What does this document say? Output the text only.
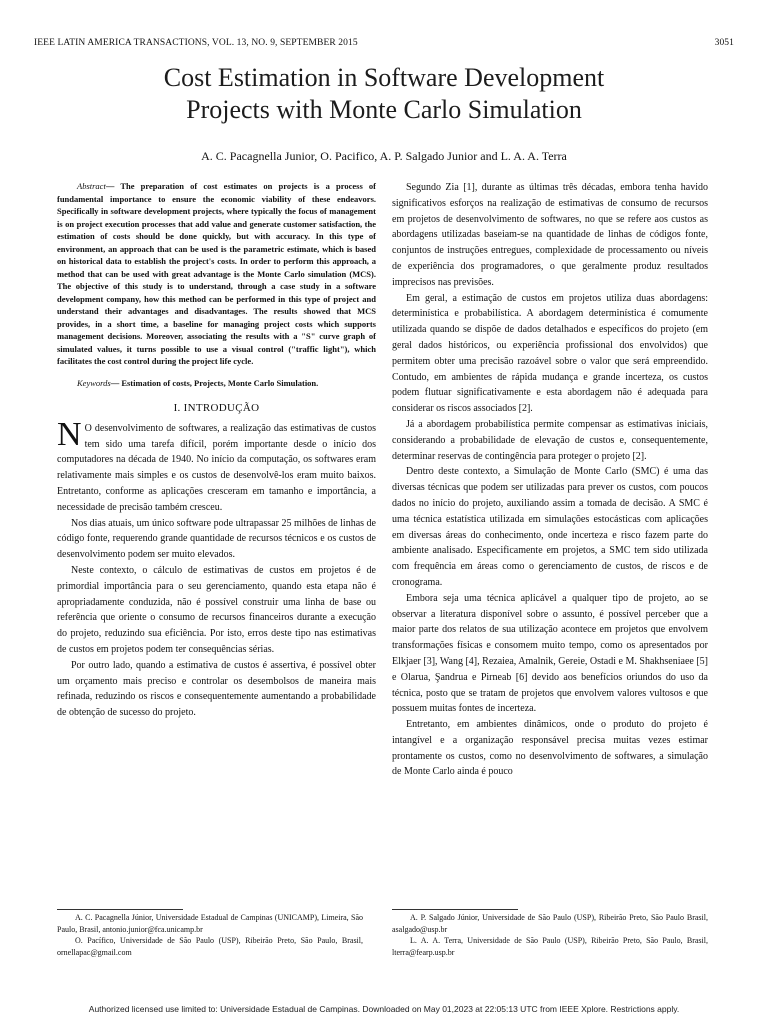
IEEE LATIN AMERICA TRANSACTIONS, VOL. 13, NO. 9, SEPTEMBER 2015	3051
Cost Estimation in Software Development
Projects with Monte Carlo Simulation
A. C. Pacagnella Junior, O. Pacifico, A. P. Salgado Junior and L. A. A. Terra

Abstract— The preparation of cost estimates on projects is a process of fundamental importance to ensure the economic viability of these endeavors. Specifically in software development projects, where typically the focus of management is on project execution processes that add value and generate customer satisfaction, the estimation of costs should be done quickly, but with accuracy. In this type of environment, an approach that can be used is the parametric estimate, which is based on historical data to establish the project's costs. In order to perform this approach, a method that can be used with great advantage is the Monte Carlo simulation (MCS). The objective of this study is to understand, through a case study in a software development company, how this method can be performed in this type of project and understand their advantages and disadvantages. The results showed that MCS provides, in a short time, a baseline for managing project costs which supports management decisions. Moreover, associating the results with a "S" curve graph of simulated values, it turns possible to use a visual control ("traffic light"), which facilitates the cost control during the project life cycle.

Keywords— Estimation of costs, Projects, Monte Carlo Simulation.

I. INTRODUÇÃO

N O desenvolvimento de softwares, a realização das estimativas de custos tem sido uma tarefa difícil, porém importante desde o início dos computadores na década de 1940. No início da computação, os softwares eram relativamente mais simples e os custos de desenvolvê-los eram muito baixos. Entretanto, conforme as aplicações cresceram em tamanho e importância, a necessidade de precisão também cresceu.

Nos dias atuais, um único software pode ultrapassar 25 milhões de linhas de código fonte, requerendo grande quantidade de recursos técnicos e os custos de desenvolvimento podem ser muito elevados.

Neste contexto, o cálculo de estimativas de custos em projetos é de primordial importância para o seu gerenciamento, quando esta etapa não é apropriadamente conduzida, não é possível construir uma linha de base ou referência que oriente o consumo de recursos financeiros durante a execução do projeto, reduzindo sua eficiência. Por isto, erros deste tipo nas estimativas de custos em projetos podem ter consequências sérias.

Por outro lado, quando a estimativa de custos é assertiva, é possível obter um orçamento mais preciso e controlar os desembolsos de maneira mais refinada, reduzindo os riscos e consequentemente aumentando a probabilidade de obtenção de sucesso do projeto.

Segundo Zia [1], durante as últimas três décadas, embora tenha havido significativos esforços na realização de estimativas de consumo de recursos em projetos de desenvolvimento de softwares, no que se refere aos custos as abordagens utilizadas baseiam-se na quantidade de linhas de códigos fonte, conjuntos de instruções entregues, complexidade de processamento ou níveis de experiência dos programadores, o que geralmente produz resultados imprecisos nas previsões.

Em geral, a estimação de custos em projetos utiliza duas abordagens: determinística e probabilística. A abordagem determinística é comumente utilizada quando se dispõe de dados detalhados e específicos do projeto (em geral dados históricos, ou experiência profissional dos envolvidos) que permitem obter uma precisão razoável sobre o valor que será empreendido. Contudo, em ambientes de rápida mudança e grande incerteza, os custos podem flutuar significativamente e esta abordagem não é adequada para considerar os riscos associados [2].

Já a abordagem probabilística permite compensar as estimativas iniciais, considerando a probabilidade de elevação de custos e, consequentemente, determinar reservas de contingência para proteger o projeto [2].

Dentro deste contexto, a Simulação de Monte Carlo (SMC) é uma das diversas técnicas que podem ser utilizadas para prever os custos, com poucos dados no início do projeto, auxiliando assim a tomada de decisão. A SMC é uma técnica estatística utilizada em simulações estocásticas com aplicações em diversas áreas do conhecimento, onde incerteza e risco fazem parte do ambiente analisado. Especificamente em projetos, a SMC tem sido utilizada com frequência em áreas como o gerenciamento de custos, de riscos e de cronograma.

Embora seja uma técnica aplicável a qualquer tipo de projeto, ao se observar a literatura disponível sobre o assunto, é possível perceber que a maior parte dos relatos de sua utilização acontece em projetos que envolvem transformações físicas e consomem muito tempo, como os apresentados por Elkjaer [3], Wang [4], Rezaiea, Amalnik, Gereie, Ostadi e M. Shakhseniaee [5] e Olarua, Şandrua e Pirneab [6] devido aos benefícios oriundos do uso da técnica, posto que se tratam de projetos que envolvem valores vultosos e que possuem muitas fontes de incerteza.

Entretanto, em ambientes dinâmicos, onde o produto do projeto é intangível e a organização responsável precisa muitas vezes estimar prontamente os custos, como no desenvolvimento de softwares, a simulação de Monte Carlo ainda é pouco

A. C. Pacagnella Júnior, Universidade Estadual de Campinas (UNICAMP), Limeira, São Paulo, Brasil, antonio.junior@fca.unicamp.br

O. Pacífico, Universidade de São Paulo (USP), Ribeirão Preto, São Paulo, Brasil, ornellapac@gmail.com

A. P. Salgado Júnior, Universidade de São Paulo (USP), Ribeirão Preto, São Paulo Brasil, asalgado@usp.br

L. A. A. Terra, Universidade de São Paulo (USP), Ribeirão Preto, São Paulo, Brasil, lterra@fearp.usp.br

Authorized licensed use limited to: Universidade Estadual de Campinas. Downloaded on May 01,2023 at 22:05:13 UTC from IEEE Xplore. Restrictions apply.
